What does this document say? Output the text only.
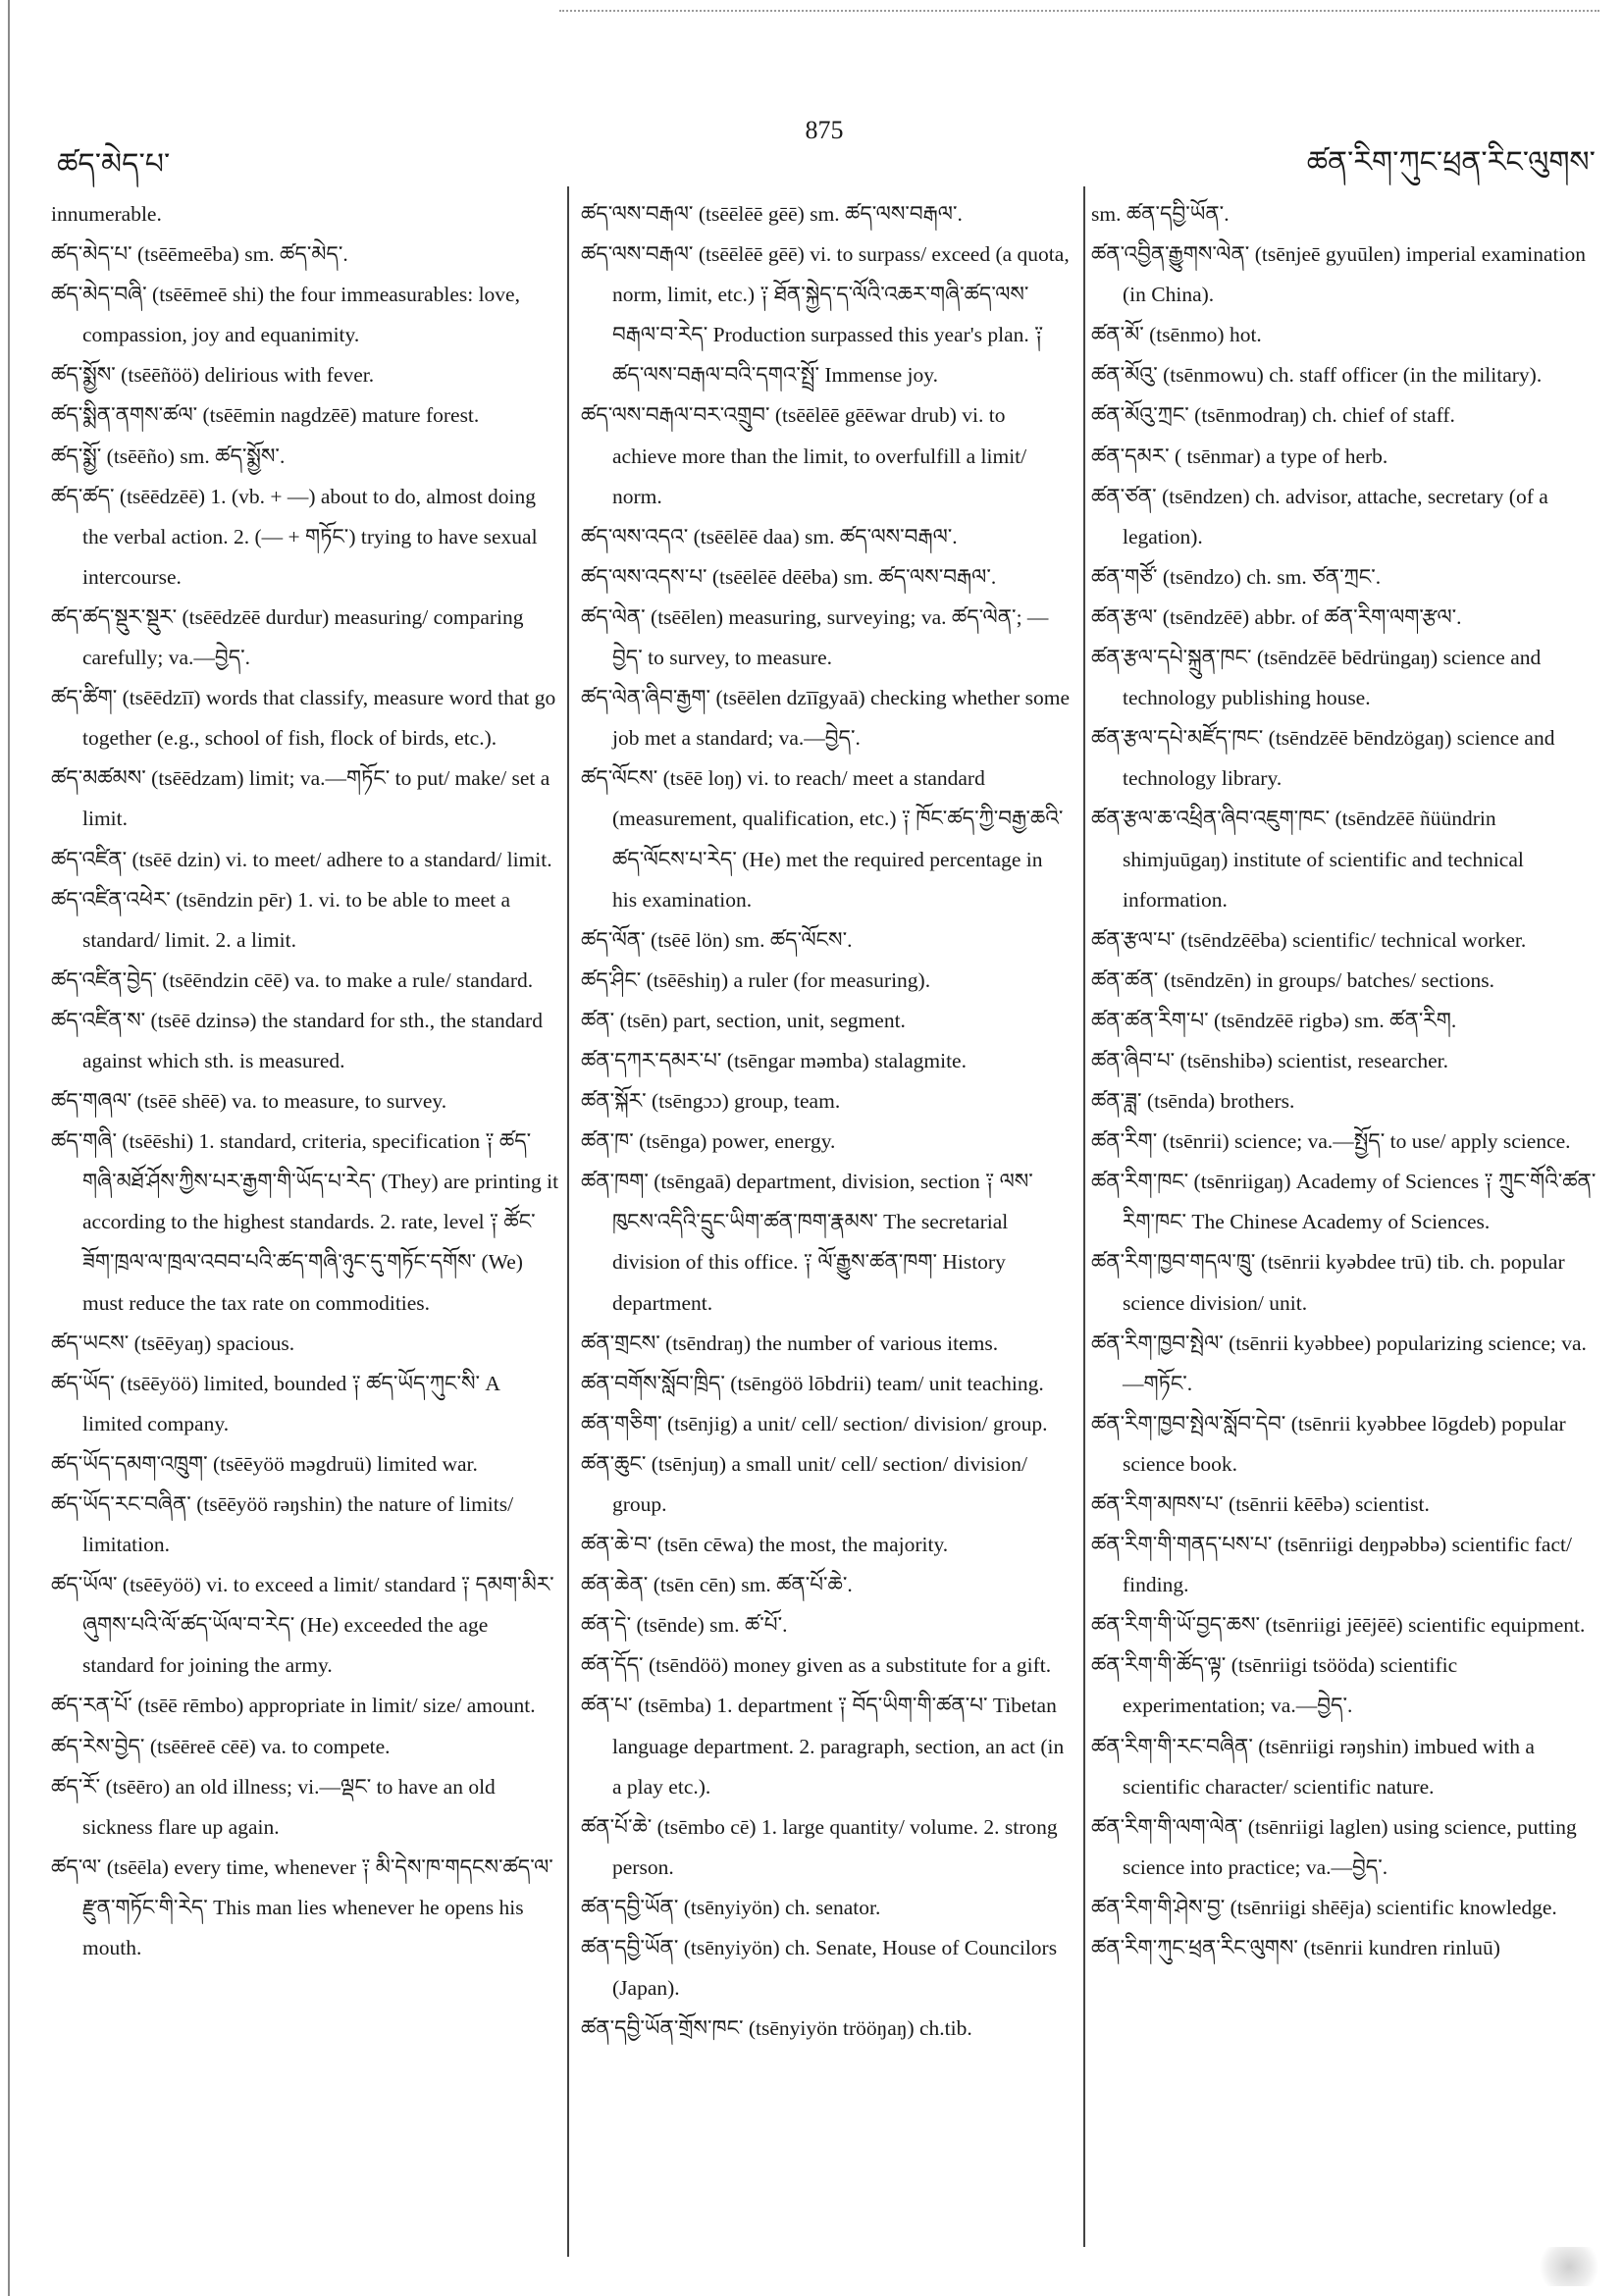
ཚད་མེད་པ་
875
ཚན་རིག་ཀུང་ཕྲན་རིང་ལུགས་

innumerable.

ཚད་མེད་པ་ (tsēēmeēba) sm. ཚད་མེད་.

ཚད་མེད་བཞི་ (tsēēmeē shi) the four immeasurables: love, compassion, joy and equanimity.

ཚད་སྨྱོས་ (tsēēñöö) delirious with fever.

ཚད་སྨིན་ནགས་ཚལ་ (tsēēmin nagdzēē) mature forest.

ཚད་སྨྱོ་ (tsēēño) sm. ཚད་སྨྱོས་.

ཚད་ཚད་ (tsēēdzēē) 1. (vb. + —) about to do, almost doing the verbal action. 2. (— + གཏོང་) trying to have sexual intercourse.

ཚད་ཚད་སྡུར་སྡུར་ (tsēēdzēē durdur) measuring/ comparing carefully; va.—བྱེད་.

ཚད་ཚིག་ (tsēēdzīī) words that classify, measure word that go together (e.g., school of fish, flock of birds, etc.).

ཚད་མཚམས་ (tsēēdzam) limit; va.—གཏོང་ to put/ make/ set a limit.

ཚད་འཛིན་ (tsēē dzin) vi. to meet/ adhere to a standard/ limit.

ཚད་འཛིན་འཕེར་ (tsēndzin pēr) 1. vi. to be able to meet a standard/ limit. 2. a limit.

ཚད་འཛིན་བྱེད་ (tsēēndzin cēē) va. to make a rule/ standard.

ཚད་འཛིན་ས་ (tsēē dzinsə) the standard for sth., the standard against which sth. is measured.

ཚད་གཞལ་ (tsēē shēē) va. to measure, to survey.

ཚད་གཞི་ (tsēēshi) 1. standard, criteria, specification ༑ ཚད་གཞི་མཐོ་ཤོས་ཀྱིས་པར་རྒྱག་གི་ཡོད་པ་རེད་ (They) are printing it according to the highest standards. 2. rate, level ༑ ཚོང་ཟོག་ཁྲལ་ལ་ཁྲལ་འབབ་པའི་ཚད་གཞི་ཉུང་དུ་གཏོང་དགོས་ (We) must reduce the tax rate on commodities.

ཚད་ཡངས་ (tsēēyaŋ) spacious.

ཚད་ཡོད་ (tsēēyöö) limited, bounded ༑ ཚད་ཡོད་ཀུང་སི་ A limited company.

ཚད་ཡོད་དམག་འཁྲུག་ (tsēēyöö məgdruü) limited war.

ཚད་ཡོད་རང་བཞིན་ (tsēēyöö rəŋshin) the nature of limits/ limitation.

ཚད་ཡོལ་ (tsēēyöö) vi. to exceed a limit/ standard ༑ དམག་མིར་ཞུགས་པའི་ལོ་ཚད་ཡོལ་བ་རེད་ (He) exceeded the age standard for joining the army.

ཚད་རན་པོ་ (tsēē rēmbo) appropriate in limit/ size/ amount.

ཚད་རེས་བྱེད་ (tsēēreē cēē) va. to compete.

ཚད་རོ་ (tsēēro) an old illness; vi.—ལྡང་ to have an old sickness flare up again.

ཚད་ལ་ (tsēēla) every time, whenever ༑ མི་དེས་ཁ་གདངས་ཚད་ལ་རྫུན་གཏོང་གི་རེད་ This man lies whenever he opens his mouth.

ཚད་ལས་བརྒལ་ (tsēēlēē gēē) sm. ཚད་ལས་བརྒལ་.

ཚད་ལས་བརྒལ་ (tsēēlēē gēē) vi. to surpass/ exceed (a quota, norm, limit, etc.) ༑ ཐོན་སྐྱེད་ད་ལོའི་འཆར་གཞི་ཚད་ལས་བརྒལ་བ་རེད་ Production surpassed this year's plan. ༑ ཚད་ལས་བརྒལ་བའི་དགའ་སྤྲོ་ Immense joy.

ཚད་ལས་བརྒལ་བར་འགྲུབ་ (tsēēlēē gēēwar drub) vi. to achieve more than the limit, to overfulfill a limit/ norm.

ཚད་ལས་འདའ་ (tsēēlēē daa) sm. ཚད་ལས་བརྒལ་.

ཚད་ལས་འདས་པ་ (tsēēlēē dēēba) sm. ཚད་ལས་བརྒལ་.

ཚད་ལེན་ (tsēēlen) measuring, surveying; va. ཚད་ལེན་; —བྱེད་ to survey, to measure.

ཚད་ལེན་ཞིབ་རྒྱག་ (tsēēlen dzīīgyaā) checking whether some job met a standard; va.—བྱེད་.

ཚད་ལོངས་ (tsēē loŋ) vi. to reach/ meet a standard (measurement, qualification, etc.) ༑ ཁོང་ཚད་ཀྱི་བརྒྱ་ཆའི་ཚད་ལོངས་པ་རེད་ (He) met the required percentage in his examination.

ཚད་ལོན་ (tsēē lön) sm. ཚད་ལོངས་.

ཚད་ཤིང་ (tsēēshiŋ) a ruler (for measuring).

ཚན་ (tsēn) part, section, unit, segment.

ཚན་དཀར་དམར་པ་ (tsēngar məmba) stalagmite.

ཚན་སྐོར་ (tsēngɔɔ) group, team.

ཚན་ཁ་ (tsēnga) power, energy.

ཚན་ཁག་ (tsēngaā) department, division, section ༑ ལས་ཁུངས་འདིའི་དྲུང་ཡིག་ཚན་ཁག་རྣམས་ The secretarial division of this office. ༑ ལོ་རྒྱུས་ཚན་ཁག་ History department.

ཚན་གྲངས་ (tsēndraŋ) the number of various items.

ཚན་བགོས་སློབ་ཁྲིད་ (tsēngöö lōbdrii) team/ unit teaching.

ཚན་གཅིག་ (tsēnjig) a unit/ cell/ section/ division/ group.

ཚན་ཆུང་ (tsēnjuŋ) a small unit/ cell/ section/ division/ group.

ཚན་ཆེ་བ་ (tsēn cēwa) the most, the majority.

ཚན་ཆེན་ (tsēn cēn) sm. ཚན་པོ་ཆེ་.

ཚན་དེ་ (tsēnde) sm. ཚ་པོ་.

ཚན་དོད་ (tsēndöö) money given as a substitute for a gift.

ཚན་པ་ (tsēmba) 1. department ༑ བོད་ཡིག་གི་ཚན་པ་ Tibetan language department. 2. paragraph, section, an act (in a play etc.).

ཚན་པོ་ཆེ་ (tsēmbo cē) 1. large quantity/ volume. 2. strong person.

ཚན་དབྱི་ཡོན་ (tsēnyiyön) ch. senator.

ཚན་དབྱི་ཡོན་ (tsēnyiyön) ch. Senate, House of Councilors (Japan).

ཚན་དབྱི་ཡོན་གྲོས་ཁང་ (tsēnyiyön trööŋaŋ) ch.tib.

sm. ཚན་དབྱི་ཡོན་.

ཚན་འབྱིན་རྒྱུགས་ལེན་ (tsēnjeē gyuūlen) imperial examination (in China).

ཚན་མོ་ (tsēnmo) hot.

ཚན་མོའུ་ (tsēnmowu) ch. staff officer (in the military).

ཚན་མོའུ་ཀྲང་ (tsēnmodraŋ) ch. chief of staff.

ཚན་དམར་ ( tsēnmar) a type of herb.

ཚན་ཙན་ (tsēndzen) ch. advisor, attache, secretary (of a legation).

ཚན་གཙོ་ (tsēndzo) ch. sm. ཙན་ཀྲང་.

ཚན་རྩལ་ (tsēndzēē) abbr. of ཚན་རིག་ལག་རྩལ་.

ཚན་རྩལ་དཔེ་སྐྲུན་ཁང་ (tsēndzēē bēdrüngaŋ) science and technology publishing house.

ཚན་རྩལ་དཔེ་མཛོད་ཁང་ (tsēndzēē bēndzögaŋ) science and technology library.

ཚན་རྩལ་ཆ་འཕྲིན་ཞིབ་འཇུག་ཁང་ (tsēndzēē ñüündrin shimjuūgaŋ) institute of scientific and technical information.

ཚན་རྩལ་པ་ (tsēndzēēba) scientific/ technical worker.

ཚན་ཚན་ (tsēndzēn) in groups/ batches/ sections.

ཚན་ཚན་རིག་པ་ (tsēndzēē rigbə) sm. ཚན་རིག.

ཚན་ཞིབ་པ་ (tsēnshibə) scientist, researcher.

ཚན་ཟླ་ (tsēnda) brothers.

ཚན་རིག་ (tsēnrii) science; va.—སྤྱོད་ to use/ apply science.

ཚན་རིག་ཁང་ (tsēnriigaŋ) Academy of Sciences ༑ ཀྲུང་གོའི་ཚན་རིག་ཁང་ The Chinese Academy of Sciences.

ཚན་རིག་ཁྱབ་གདལ་ཁྲུ་ (tsēnrii kyəbdee trū) tib. ch. popular science division/ unit.

ཚན་རིག་ཁྱབ་སྤེལ་ (tsēnrii kyəbbee) popularizing science; va.—གཏོང་.

ཚན་རིག་ཁྱབ་སྤེལ་སློབ་དེབ་ (tsēnrii kyəbbee lōgdeb) popular science book.

ཚན་རིག་མཁས་པ་ (tsēnrii kēēbə) scientist.

ཚན་རིག་གི་གནད་པས་པ་ (tsēnriigi deŋpəbbə) scientific fact/ finding.

ཚན་རིག་གི་ཡོ་བྱད་ཆས་ (tsēnriigi jēējēē) scientific equipment.

ཚན་རིག་གི་ཚོད་ལྟ་ (tsēnriigi tsööda) scientific experimentation; va.—བྱེད་.

ཚན་རིག་གི་རང་བཞིན་ (tsēnriigi rəŋshin) imbued with a scientific character/ scientific nature.

ཚན་རིག་གི་ལག་ལེན་ (tsēnriigi laglen) using science, putting science into practice; va.—བྱེད་.

ཚན་རིག་གི་ཤེས་བྱ་ (tsēnriigi shēēja) scientific knowledge.

ཚན་རིག་ཀུང་ཕྲན་རིང་ལུགས་ (tsēnrii kundren rinluū)
